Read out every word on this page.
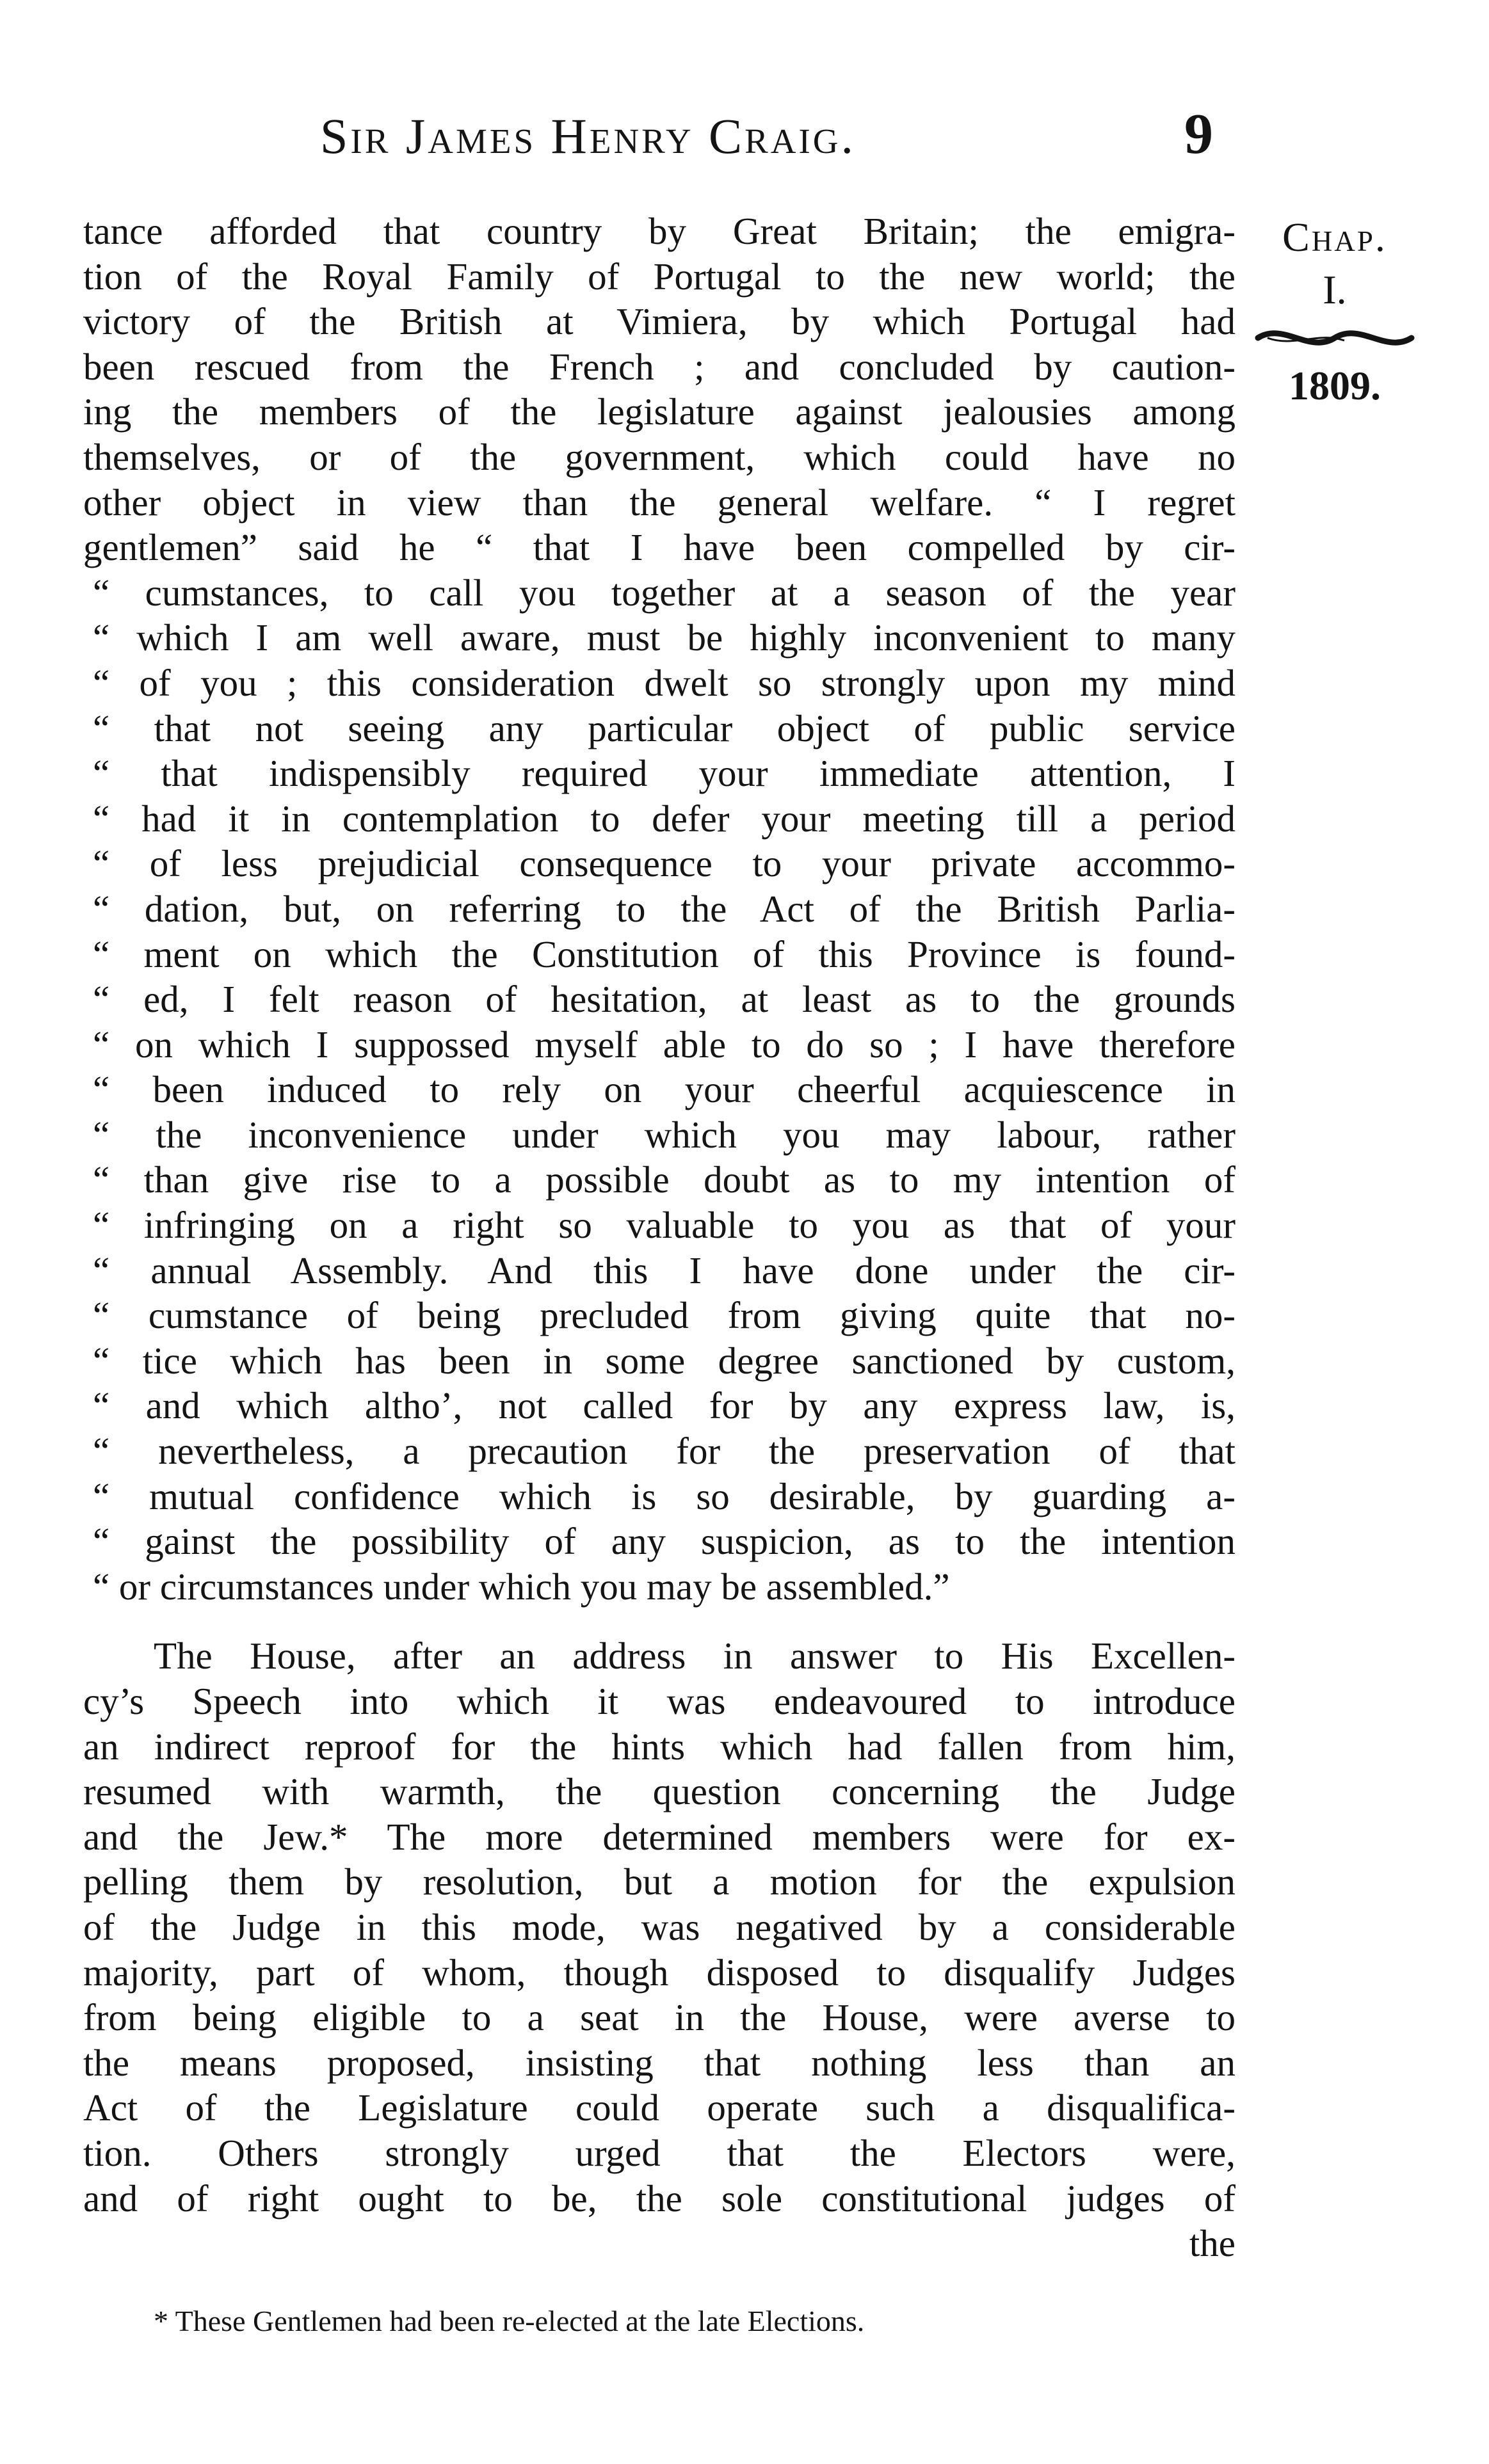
Sir James Henry Craig.	9
Chap.
I.
1809.
tance afforded that country by Great Britain; the emigra-
tion of the Royal Family of Portugal to the new world; the
victory of the British at Vimiera, by which Portugal had
been rescued from the French ; and concluded by caution-
ing the members of the legislature against jealousies among
themselves, or of the government, which could have no
other object in view than the general welfare. “ I regret
gentlemen” said he “ that I have been compelled by cir-
“ cumstances, to call you together at a season of the year
“ which I am well aware, must be highly inconvenient to many
“ of you ; this consideration dwelt so strongly upon my mind
“ that not seeing any particular object of public service
“ that indispensibly required your immediate attention, I
“ had it in contemplation to defer your meeting till a period
“ of less prejudicial consequence to your private accommo-
“ dation, but, on referring to the Act of the British Parlia-
“ ment on which the Constitution of this Province is found-
“ ed, I felt reason of hesitation, at least as to the grounds
“ on which I suppossed myself able to do so ; I have therefore
“ been induced to rely on your cheerful acquiescence in
“ the inconvenience under which you may labour, rather
“ than give rise to a possible doubt as to my intention of
“ infringing on a right so valuable to you as that of your
“ annual Assembly. And this I have done under the cir-
“ cumstance of being precluded from giving quite that no-
“ tice which has been in some degree sanctioned by custom,
“ and which altho’, not called for by any express law, is,
“ nevertheless, a precaution for the preservation of that
“ mutual confidence which is so desirable, by guarding a-
“ gainst the possibility of any suspicion, as to the intention
“ or circumstances under which you may be assembled.”
The House, after an address in answer to His Excellen-
cy’s Speech into which it was endeavoured to introduce
an indirect reproof for the hints which had fallen from him,
resumed with warmth, the question concerning the Judge
and the Jew.* The more determined members were for ex-
pelling them by resolution, but a motion for the expulsion
of the Judge in this mode, was negatived by a considerable
majority, part of whom, though disposed to disqualify Judges
from being eligible to a seat in the House, were averse to
the means proposed, insisting that nothing less than an
Act of the Legislature could operate such a disqualifica-
tion. Others strongly urged that the Electors were,
and of right ought to be, the sole constitutional judges of
the
* These Gentlemen had been re-elected at the late Elections.
